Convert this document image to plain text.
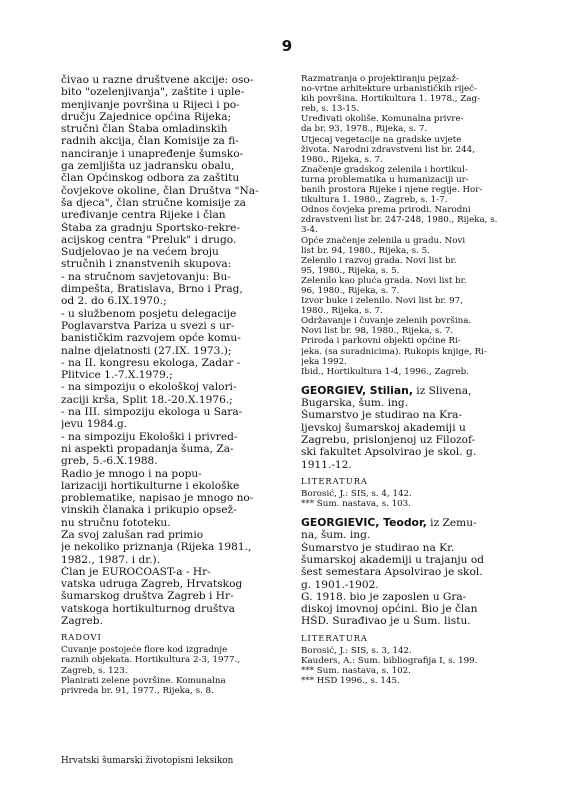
9
čivao u razne društvene akcije: oso-
bito "ozelenjivanja", zaštite i uple-
menjivanje površina u Rijeci i po-
dručju Zajednice općina Rijeka;
stručni član Štaba omladinskih
radnih akcija, član Komisije za fi-
nanciranje i unapređenje šumsko-
ga zemljišta uz jadransku obalu,
član Općinskog odbora za zaštitu
čovjekove okoline, član Društva "Na-
ša djeca", član stručne komisije za
uređivanje centra Rijeke i član
Štaba za gradnju Sportsko-rekre-
acijskog centra "Preluk" i drugo.
Sudjelovao je na većem broju
stručnih i znanstvenih skupova:
- na stručnom savjetovanju: Bu-
dimpešta, Bratislava, Brno i Prag,
od 2. do 6.IX.1970.;
- u službenom posjetu delegacije
Poglavarstva Pariza u svezi s ur-
banističkim razvojem opće komu-
nalne djelatnosti (27.IX. 1973.);
- na II. kongresu ekologa, Zadar -
Plitvice 1.-7.X.1979.;
- na simpoziju o ekološkoj valori-
zaciji krša, Split 18.-20.X.1976.;
- na III. simpoziju ekologa u Sara-
jevu 1984.g.
- na simpoziju Ekološki i privred-
ni aspekti propadanja šuma, Za-
greb, 5.-6.X.1988.
Radio je mnogo i na popu-
larizaciji hortikulturne i ekološke
problematike, napisao je mnogo no-
vinskih članaka i prikupio opsež-
nu stručnu fototeku.
Za svoj zalušan rad primio
je nekoliko priznanja (Rijeka 1981.,
1982., 1987. i dr.).
Član je EUROCOAST-a - Hr-
vatska udruga Zagreb, Hrvatskog
šumarskog društva Zagreb i Hr-
vatskoga hortikulturnog društva
Zagreb.
RADOVI
Čuvanje postojeće flore kod izgradnje
raznih objekata. Hortikultura 2-3, 1977.,
Zagreb, s. 123.
Planirati zelene površine. Komunalna
privreda br. 91, 1977., Rijeka, s. 8.
Razmatranja o projektiranju pejzaž-
no-vrtne arhitekture urbanističkih riječ-
kih površina. Hortikultura 1. 1978., Zag-
reb, s. 13-15.
Uređivati okoliše. Komunalna privre-
da br. 93, 1978., Rijeka, s. 7.
Utjecaj vegetacije na gradske uvjete
života. Narodni zdravstveni list br. 244,
1980., Rijeka, s. 7.
Značenje gradskog zelenila i hortikul-
turna problematika u humanizaciji ur-
banih prostora Rijeke i njene regije. Hor-
tikultura 1. 1980., Zagreb, s. 1-7.
Odnos čovjeka prema prirodi. Narodni
zdravstveni list br. 247-248, 1980., Rijeka, s.
3-4.
Opće značenje zelenila u gradu. Novi
list br. 94, 1980., Rijeka, s. 5.
Zelenilo i razvoj grada. Novi list br.
95, 1980., Rijeka, s. 5.
Zelenilo kao pluća grada. Novi list br.
96, 1980., Rijeka, s. 7.
Izvor buke i zelenilo. Novi list br. 97,
1980., Rijeka, s. 7.
Održavanje i čuvanje zelenih površina.
Novi list br. 98, 1980., Rijeka, s. 7.
Priroda i parkovni objekti općine Ri-
jeka. (sa suradnicima). Rukopis knjige, Ri-
jeka 1992.
Ibid., Hortikultura 1-4, 1996., Zagreb.
GEORGIEV, Stilian, iz Slivena,
Bugarska, šum. ing.
Šumarstvo je studirao na Kra-
ljevskoj šumarskoj akademiji u
Zagrebu, prislonjenoj uz Filozof-
ski fakultet Apsolvirao je skol. g.
1911.-12.
LITERATURA
Borosić, J.: ŠIS, s. 4, 142.
*** Šum. nastava, s. 103.
GEORGIEVIĆ, Teodor, iz Zemu-
na, šum. ing.
Šumarstvo je studirao na Kr.
šumarskoj akademiji u trajanju od
šest semestara Apsolvirao je skol.
g. 1901.-1902.
G. 1918. bio je zaposlen u Gra-
diskoj imovnoj općini. Bio je član
HŠD. Surađivao je u Šum. listu.
LITERATURA
Borosić, J.: ŠIS, s. 3, 142.
Kauders, A.: Šum. bibliografija I, s. 199.
*** Šum. nastava, s. 102.
*** HŠD 1996., s. 145.
Hrvatski šumarski životopisni leksikon
